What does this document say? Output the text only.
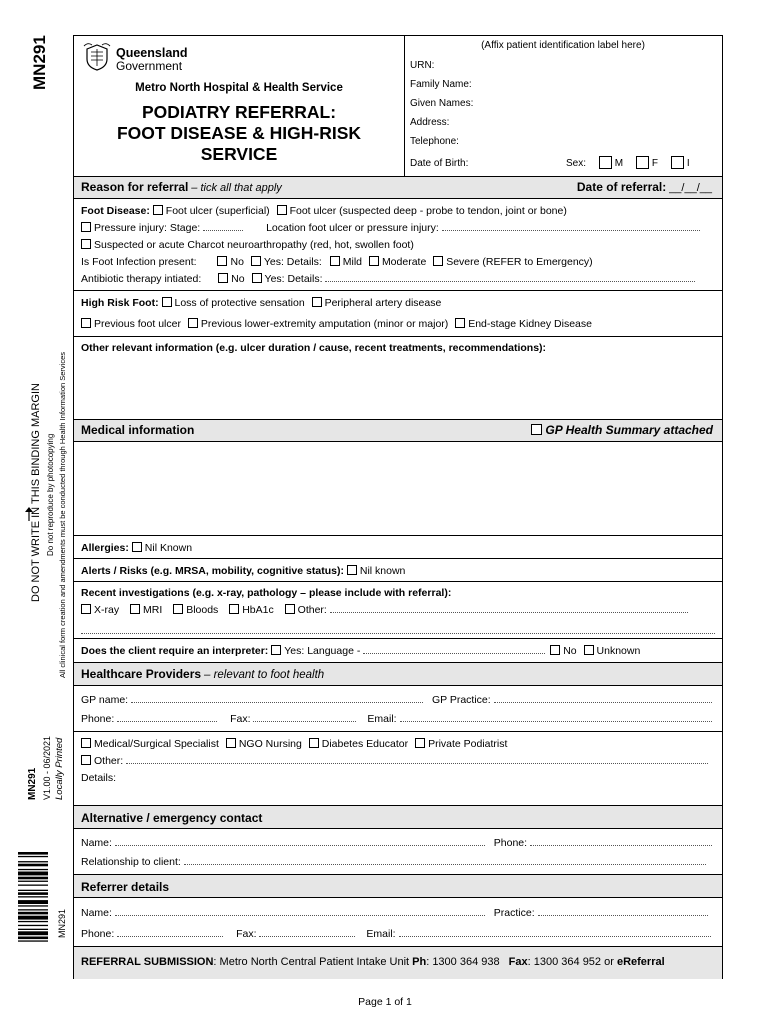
MN291
DO NOT WRITE IN THIS BINDING MARGIN Do not reproduce by photocopying All clinical form creation and amendments must be conducted through Health Information Services
MN291 V1.00 - 06/2021 Locally Printed
MN291
Queensland
Government
Metro North Hospital & Health Service
PODIATRY REFERRAL:
FOOT DISEASE & HIGH-RISK
SERVICE
(Affix patient identification label here)
URN:
Family Name:
Given Names:
Address:
Telephone:
Date of Birth:	Sex:	M	F	I
Reason for referral – tick all that apply	Date of referral: __/__/__
Foot Disease: Foot ulcer (superficial) Foot ulcer (suspected deep - probe to tendon, joint or bone)
Pressure injury: Stage:	Location foot ulcer or pressure injury:
Suspected or acute Charcot neuroarthropathy (red, hot, swollen foot)
Is Foot Infection present:	No Yes: Details: Mild Moderate Severe (REFER to Emergency)
Antibiotic therapy intiated:	No Yes: Details:
High Risk Foot: Loss of protective sensation Peripheral artery disease
Previous foot ulcer Previous lower-extremity amputation (minor or major) End-stage Kidney Disease
Other relevant information (e.g. ulcer duration / cause, recent treatments, recommendations):
Medical information	GP Health Summary attached
Allergies: Nil Known
Alerts / Risks (e.g. MRSA, mobility, cognitive status): Nil known
Recent investigations (e.g. x-ray, pathology – please include with referral):
X-ray MRI Bloods HbA1c Other:
Does the client require an interpreter: Yes: Language -	No Unknown
Healthcare Providers – relevant to foot health
GP name:	GP Practice:
Phone:	Fax:	Email:
Medical/Surgical Specialist NGO Nursing Diabetes Educator Private Podiatrist
Other:
Details:
Alternative / emergency contact
Name:	Phone:
Relationship to client:
Referrer details
Name:	Practice:
Phone:	Fax:	Email:
REFERRAL SUBMISSION: Metro North Central Patient Intake Unit Ph: 1300 364 938 Fax: 1300 364 952 or eReferral
Page 1 of 1
